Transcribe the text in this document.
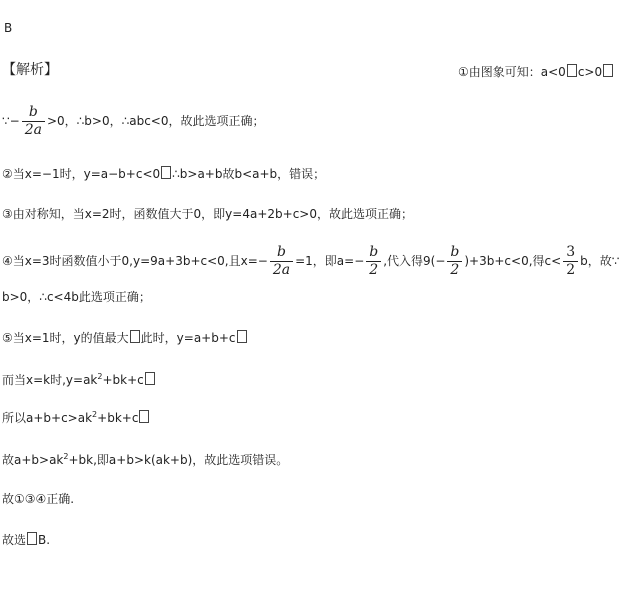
B
【解析】	①由图象可知：a<0 c>0
∵− $\frac{b}{2a} >0$，∴b>0，∴abc<0，故此选项正确；
②当x=−1时，y=a−b+c<0 ∴b>a+b故b<a+b，错误；
③由对称知，当x=2时，函数值大于0，即y=4a+2b+c>0，故此选项正确；
④当x=3时函数值小于0,y=9a+3b+c<0,且$x=- \frac{b}{2a} =1$，即$a=- \frac{b}{2}$ ,代入得$9(- \frac{b}{2} )+3b+c<0$,得$c< \frac{3}{2}$ b，故∵
b>0，∴c<4b此选项正确；
⑤当x=1时，y的值最大 此时，y=a+b+c
而当x=k时$,y=ak^2+bk+c$
所以$a+b+c>ak^2+bk+c$
故$a+b>ak^2+bk$,即a+b>k(ak+b)，故此选项错误。
故①③④正确.
故选 B.
